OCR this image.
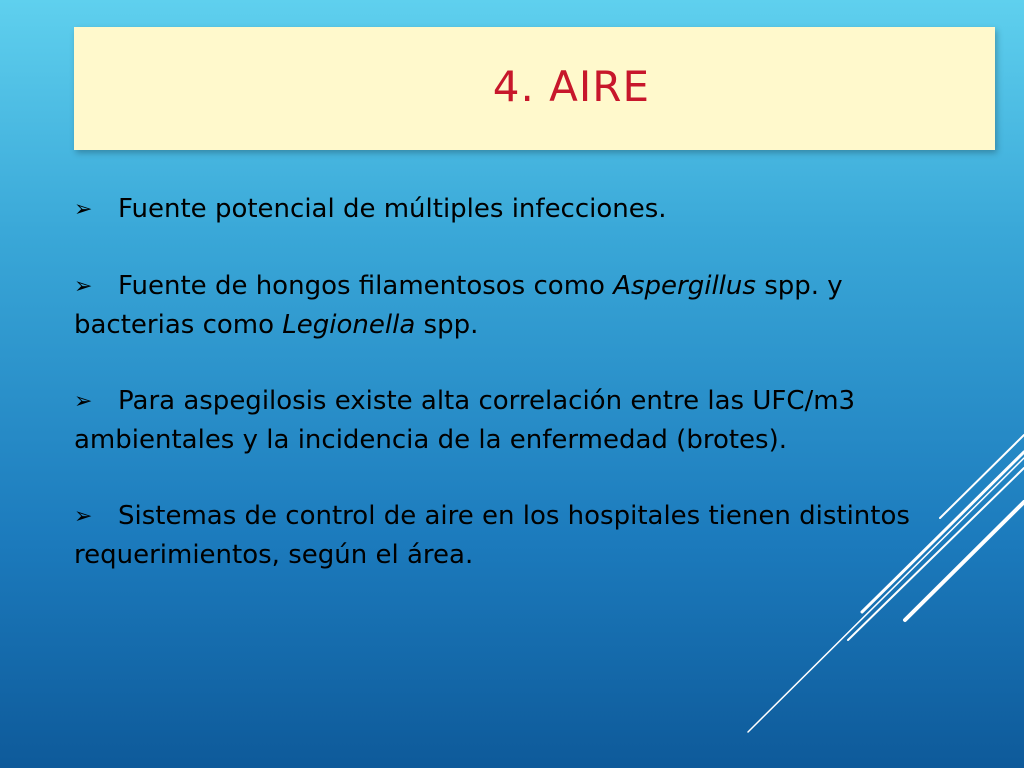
4. AIRE

➢ Fuente potencial de múltiples infecciones.

➢ Fuente de hongos filamentosos como Aspergillus spp. y bacterias como Legionella spp.

➢ Para aspegilosis existe alta correlación entre las UFC/m3 ambientales y la incidencia de la enfermedad (brotes).

➢ Sistemas de control de aire en los hospitales tienen distintos requerimientos, según el área.
